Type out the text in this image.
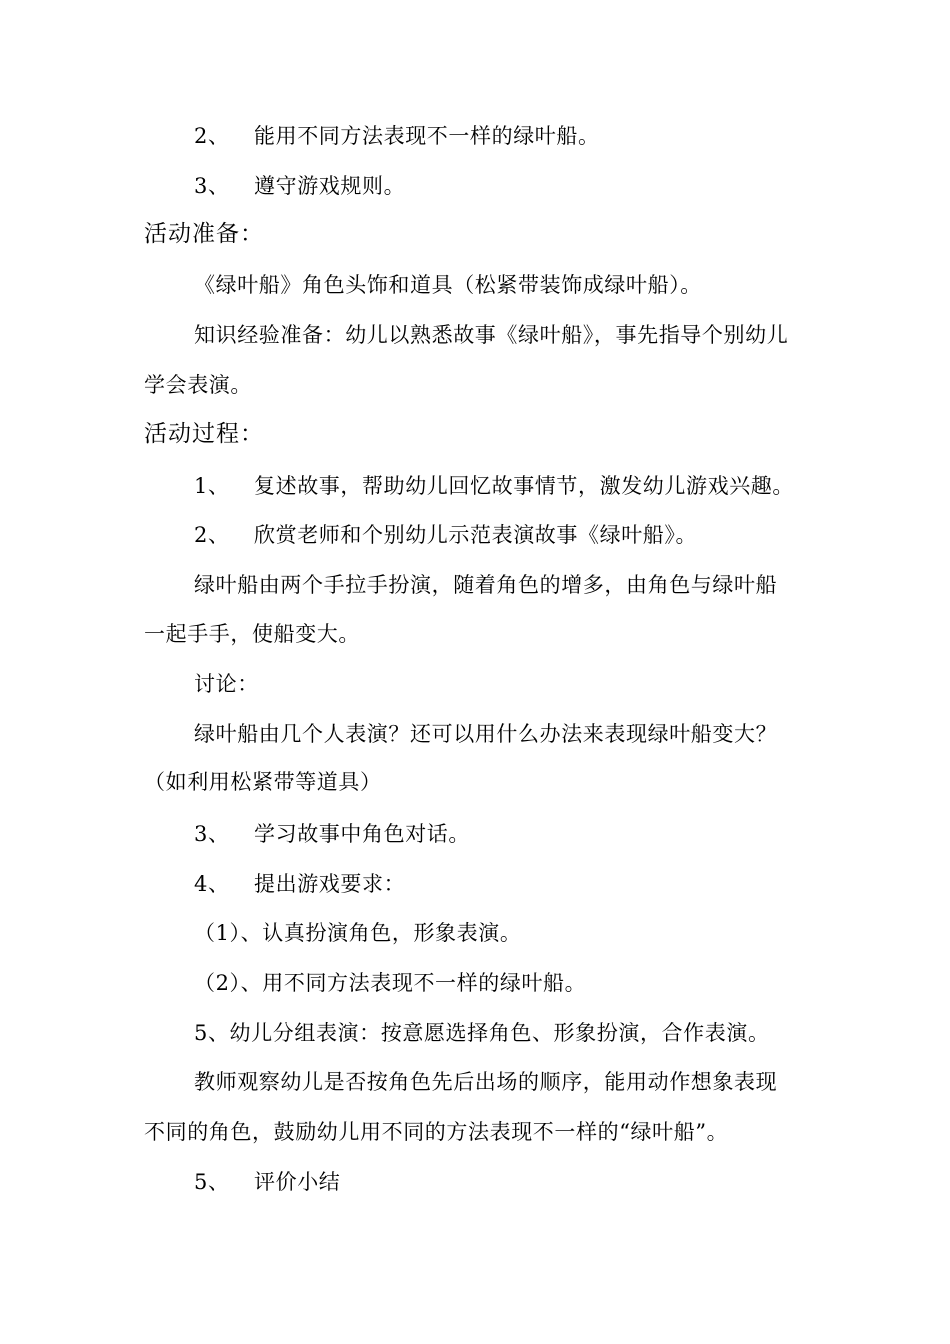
2、 能用不同方法表现不一样的绿叶船。
3、 遵守游戏规则。
活动准备：
《绿叶船》角色头饰和道具（松紧带装饰成绿叶船）。
知识经验准备：幼儿以熟悉故事《绿叶船》，事先指导个别幼儿
学会表演。
活动过程：
1、 复述故事，帮助幼儿回忆故事情节，激发幼儿游戏兴趣。
2、 欣赏老师和个别幼儿示范表演故事《绿叶船》。
绿叶船由两个手拉手扮演，随着角色的增多，由角色与绿叶船
一起手手，使船变大。
讨论：
绿叶船由几个人表演？还可以用什么办法来表现绿叶船变大？
（如利用松紧带等道具）
3、 学习故事中角色对话。
4、 提出游戏要求：
（1）、认真扮演角色，形象表演。
（2）、用不同方法表现不一样的绿叶船。
5、幼儿分组表演：按意愿选择角色、形象扮演，合作表演。
教师观察幼儿是否按角色先后出场的顺序，能用动作想象表现
不同的角色，鼓励幼儿用不同的方法表现不一样的“绿叶船”。
5、 评价小结
